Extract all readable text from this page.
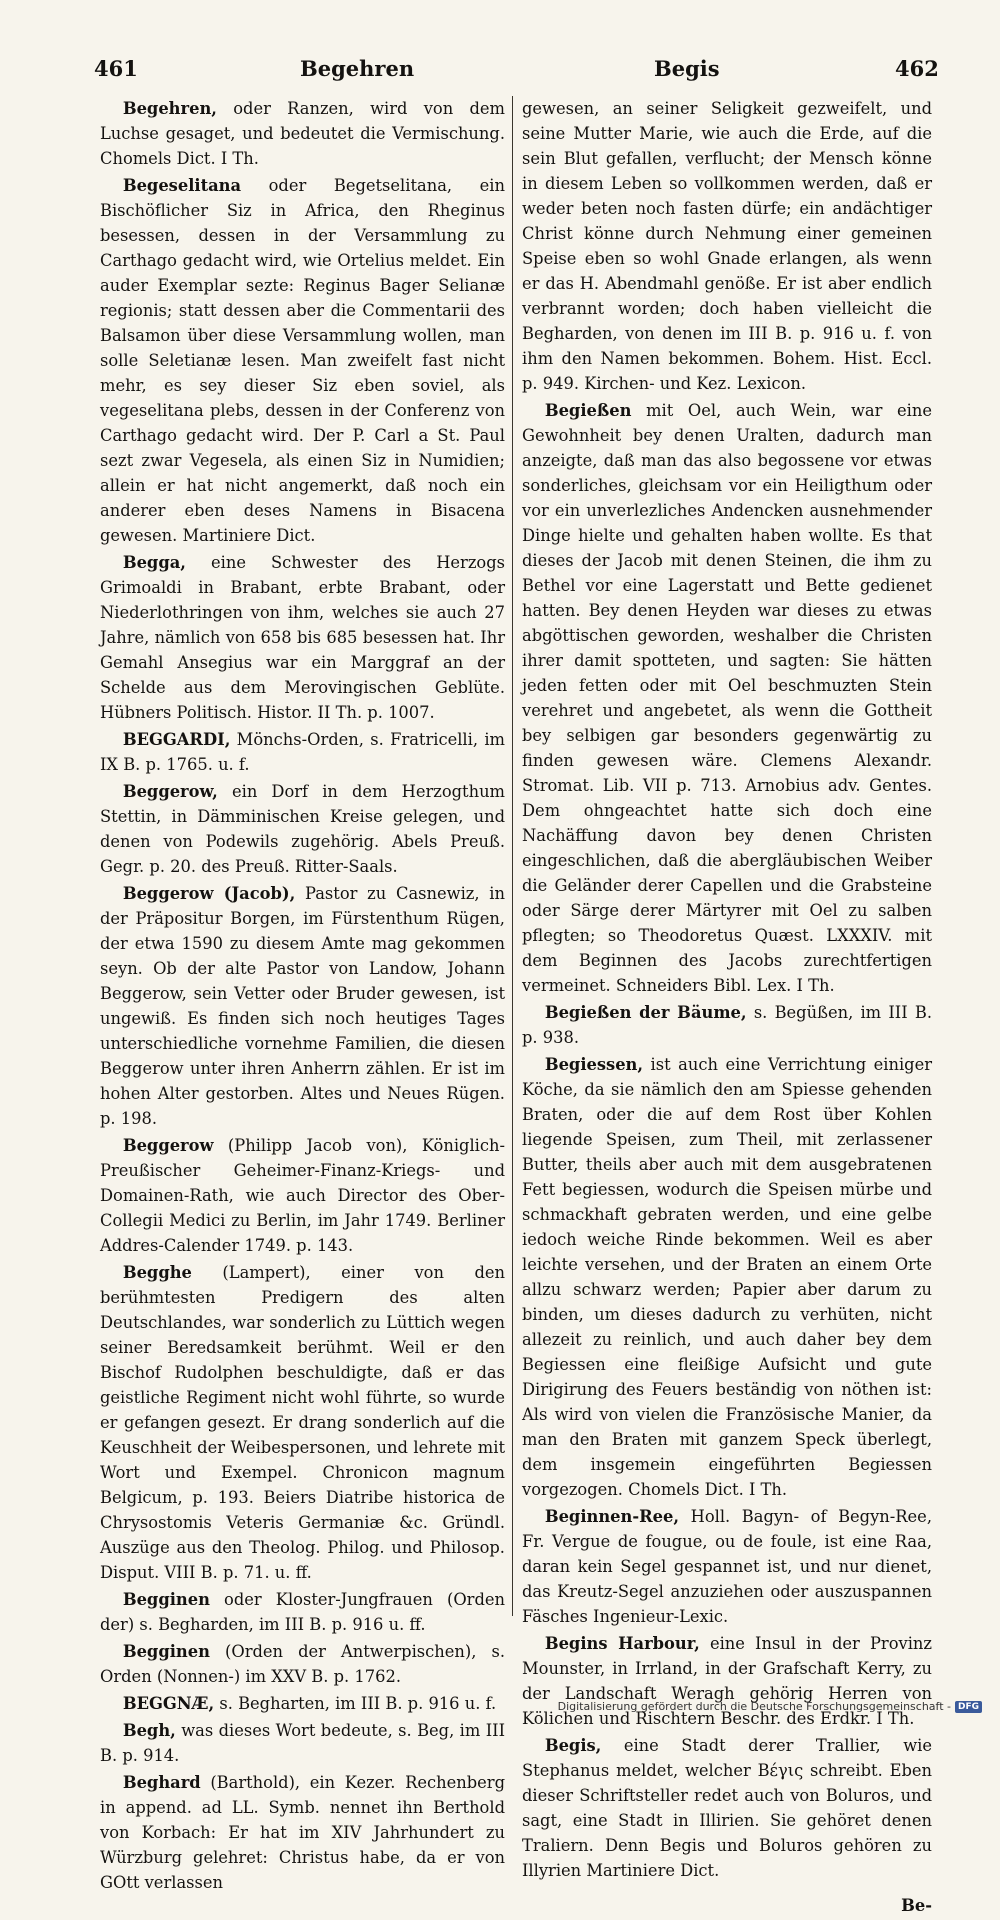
461	Begehren	Begis	462

Begehren, oder Ranzen, wird von dem Luchse gesaget, und bedeutet die Vermischung. Chomels Dict. I Th.

Begeselitana oder Begetselitana, ein Bischöflicher Siz in Africa, den Rheginus besessen, dessen in der Versammlung zu Carthago gedacht wird, wie Ortelius meldet. Ein auder Exemplar sezte: Reginus Bager Selianæ regionis; statt dessen aber die Commentarii des Balsamon über diese Versammlung wollen, man solle Seletianæ lesen. Man zweifelt fast nicht mehr, es sey dieser Siz eben soviel, als vegeselitana plebs, dessen in der Conferenz von Carthago gedacht wird. Der P. Carl a St. Paul sezt zwar Vegesela, als einen Siz in Numidien; allein er hat nicht angemerkt, daß noch ein anderer eben deses Namens in Bisacena gewesen. Martiniere Dict.

Begga, eine Schwester des Herzogs Grimoaldi in Brabant, erbte Brabant, oder Niederlothringen von ihm, welches sie auch 27 Jahre, nämlich von 658 bis 685 besessen hat. Ihr Gemahl Ansegius war ein Marggraf an der Schelde aus dem Merovingischen Geblüte. Hübners Politisch. Histor. II Th. p. 1007.

BEGGARDI, Mönchs-Orden, s. Fratricelli, im IX B. p. 1765. u. f.

Beggerow, ein Dorf in dem Herzogthum Stettin, in Dämminischen Kreise gelegen, und denen von Podewils zugehörig. Abels Preuß. Gegr. p. 20. des Preuß. Ritter-Saals.

Beggerow (Jacob), Pastor zu Casnewiz, in der Präpositur Borgen, im Fürstenthum Rügen, der etwa 1590 zu diesem Amte mag gekommen seyn. Ob der alte Pastor von Landow, Johann Beggerow, sein Vetter oder Bruder gewesen, ist ungewiß. Es finden sich noch heutiges Tages unterschiedliche vornehme Familien, die diesen Beggerow unter ihren Anherrn zählen. Er ist im hohen Alter gestorben. Altes und Neues Rügen. p. 198.

Beggerow (Philipp Jacob von), Königlich-Preußischer Geheimer-Finanz-Kriegs- und Domainen-Rath, wie auch Director des Ober-Collegii Medici zu Berlin, im Jahr 1749. Berliner Addres-Calender 1749. p. 143.

Begghe (Lampert), einer von den berühmtesten Predigern des alten Deutschlandes, war sonderlich zu Lüttich wegen seiner Beredsamkeit berühmt. Weil er den Bischof Rudolphen beschuldigte, daß er das geistliche Regiment nicht wohl führte, so wurde er gefangen gesezt. Er drang sonderlich auf die Keuschheit der Weibespersonen, und lehrete mit Wort und Exempel. Chronicon magnum Belgicum, p. 193. Beiers Diatribe historica de Chrysostomis Veteris Germaniæ &c. Gründl. Auszüge aus den Theolog. Philog. und Philosop. Disput. VIII B. p. 71. u. ff.

Begginen oder Kloster-Jungfrauen (Orden der) s. Begharden, im III B. p. 916 u. ff.

Begginen (Orden der Antwerpischen), s. Orden (Nonnen-) im XXV B. p. 1762.

BEGGNÆ, s. Begharten, im III B. p. 916 u. f.

Begh, was dieses Wort bedeute, s. Beg, im III B. p. 914.

Beghard (Barthold), ein Kezer. Rechenberg in append. ad LL. Symb. nennet ihn Berthold von Korbach: Er hat im XIV Jahrhundert zu Würzburg gelehret: Christus habe, da er von GOtt verlassen

gewesen, an seiner Seligkeit gezweifelt, und seine Mutter Marie, wie auch die Erde, auf die sein Blut gefallen, verflucht; der Mensch könne in diesem Leben so vollkommen werden, daß er weder beten noch fasten dürfe; ein andächtiger Christ könne durch Nehmung einer gemeinen Speise eben so wohl Gnade erlangen, als wenn er das H. Abendmahl genöße. Er ist aber endlich verbrannt worden; doch haben vielleicht die Begharden, von denen im III B. p. 916 u. f. von ihm den Namen bekommen. Bohem. Hist. Eccl. p. 949. Kirchen- und Kez. Lexicon.

Begießen mit Oel, auch Wein, war eine Gewohnheit bey denen Uralten, dadurch man anzeigte, daß man das also begossene vor etwas sonderliches, gleichsam vor ein Heiligthum oder vor ein unverlezliches Andencken ausnehmender Dinge hielte und gehalten haben wollte. Es that dieses der Jacob mit denen Steinen, die ihm zu Bethel vor eine Lagerstatt und Bette gedienet hatten. Bey denen Heyden war dieses zu etwas abgöttischen geworden, weshalber die Christen ihrer damit spotteten, und sagten: Sie hätten jeden fetten oder mit Oel beschmuzten Stein verehret und angebetet, als wenn die Gottheit bey selbigen gar besonders gegenwärtig zu finden gewesen wäre. Clemens Alexandr. Stromat. Lib. VII p. 713. Arnobius adv. Gentes. Dem ohngeachtet hatte sich doch eine Nachäffung davon bey denen Christen eingeschlichen, daß die abergläubischen Weiber die Geländer derer Capellen und die Grabsteine oder Särge derer Märtyrer mit Oel zu salben pflegten; so Theodoretus Quæst. LXXXIV. mit dem Beginnen des Jacobs zurechtfertigen vermeinet. Schneiders Bibl. Lex. I Th.

Begießen der Bäume, s. Begüßen, im III B. p. 938.

Begiessen, ist auch eine Verrichtung einiger Köche, da sie nämlich den am Spiesse gehenden Braten, oder die auf dem Rost über Kohlen liegende Speisen, zum Theil, mit zerlassener Butter, theils aber auch mit dem ausgebratenen Fett begiessen, wodurch die Speisen mürbe und schmackhaft gebraten werden, und eine gelbe iedoch weiche Rinde bekommen. Weil es aber leichte versehen, und der Braten an einem Orte allzu schwarz werden; Papier aber darum zu binden, um dieses dadurch zu verhüten, nicht allezeit zu reinlich, und auch daher bey dem Begiessen eine fleißige Aufsicht und gute Dirigirung des Feuers beständig von nöthen ist: Als wird von vielen die Französische Manier, da man den Braten mit ganzem Speck überlegt, dem insgemein eingeführten Begiessen vorgezogen. Chomels Dict. I Th.

Beginnen-Ree, Holl. Bagyn- of Begyn-Ree, Fr. Vergue de fougue, ou de foule, ist eine Raa, daran kein Segel gespannet ist, und nur dienet, das Kreutz-Segel anzuziehen oder auszuspannen Fäsches Ingenieur-Lexic.

Begins Harbour, eine Insul in der Provinz Mounster, in Irrland, in der Grafschaft Kerry, zu der Landschaft Weragh gehörig Herren von Kölichen und Rischtern Beschr. des Erdkr. I Th.

Begis, eine Stadt derer Trallier, wie Stephanus meldet, welcher Bέγις schreibt. Eben dieser Schriftsteller redet auch von Boluros, und sagt, eine Stadt in Illirien. Sie gehöret denen Traliern. Denn Begis und Boluros gehören zu Illyrien Martiniere Dict.

Be-

Digitalisierung gefördert durch die Deutsche Forschungsgemeinschaft - DFG
